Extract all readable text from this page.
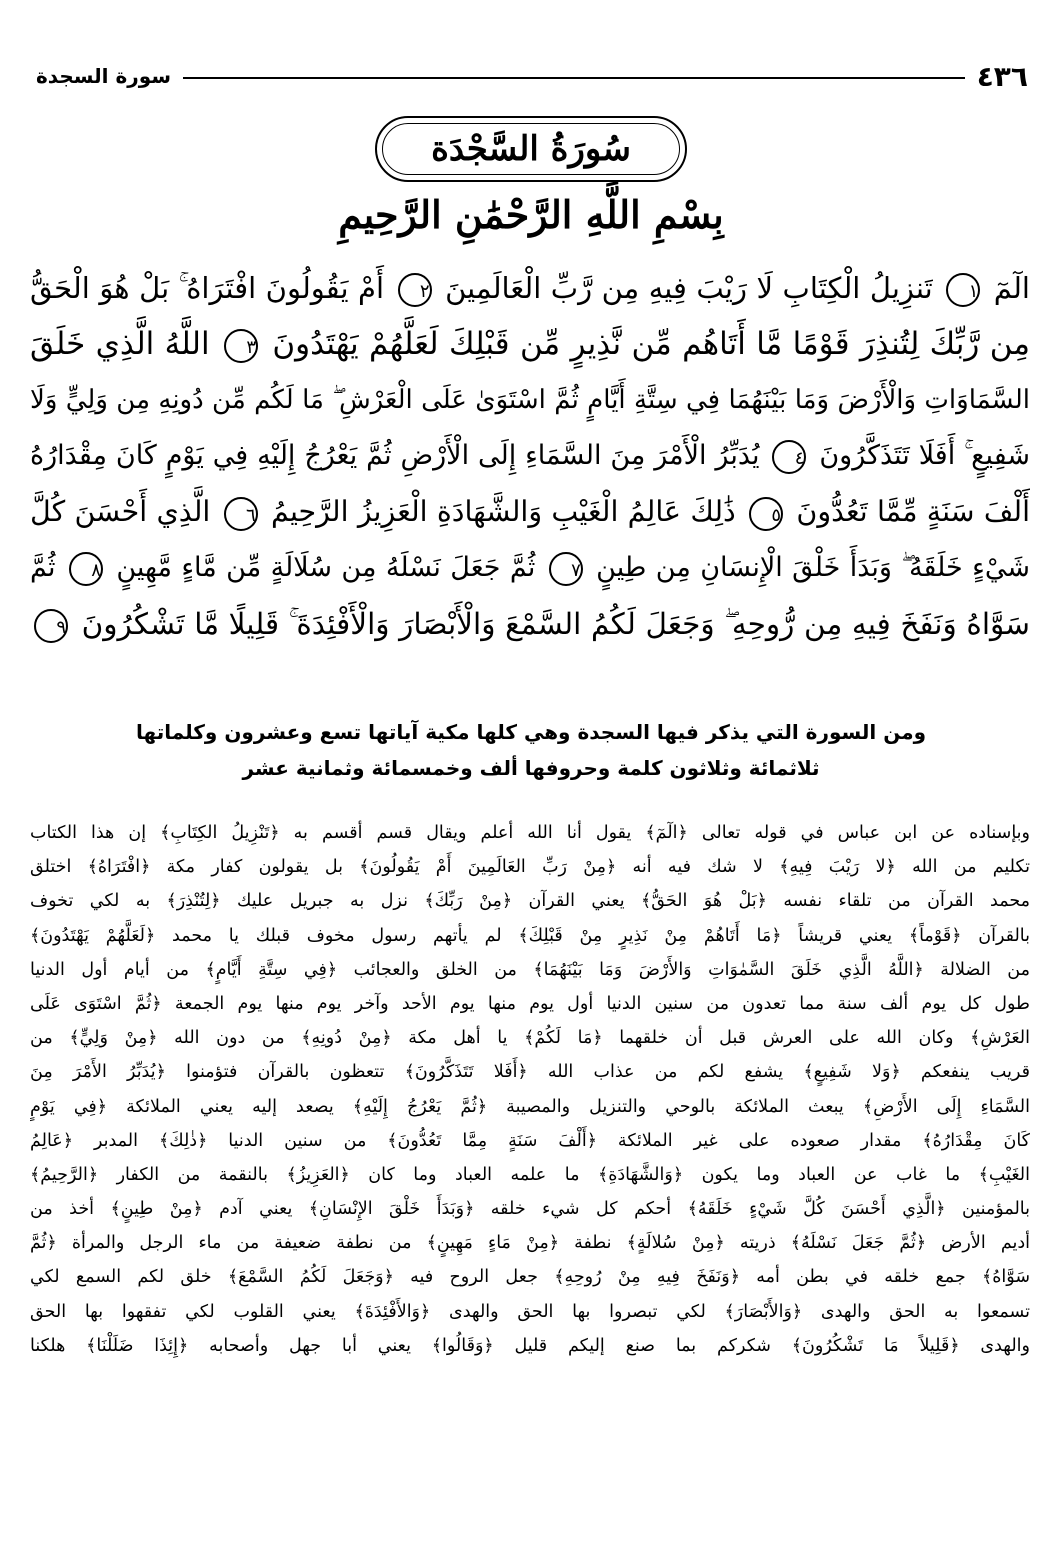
سورة السجدة	٤٣٦
سُورَةُ السَّجْدَة
بِسْمِ اللَّهِ الرَّحْمَٰنِ الرَّحِيمِ
الٓمٓ ١ تَنزِيلُ الْكِتَابِ لَا رَيْبَ فِيهِ مِن رَّبِّ الْعَالَمِينَ ٢ أَمْ يَقُولُونَ افْتَرَاهُ ۚ بَلْ هُوَ الْحَقُّ
مِن رَّبِّكَ لِتُنذِرَ قَوْمًا مَّا أَتَاهُم مِّن نَّذِيرٍ مِّن قَبْلِكَ لَعَلَّهُمْ يَهْتَدُونَ ٣ اللَّهُ الَّذِي خَلَقَ
السَّمَاوَاتِ وَالْأَرْضَ وَمَا بَيْنَهُمَا فِي سِتَّةِ أَيَّامٍ ثُمَّ اسْتَوَىٰ عَلَى الْعَرْشِ ۖ مَا لَكُم مِّن دُونِهِ مِن وَلِيٍّ وَلَا
شَفِيعٍ ۚ أَفَلَا تَتَذَكَّرُونَ ٤ يُدَبِّرُ الْأَمْرَ مِنَ السَّمَاءِ إِلَى الْأَرْضِ ثُمَّ يَعْرُجُ إِلَيْهِ فِي يَوْمٍ كَانَ مِقْدَارُهُ
أَلْفَ سَنَةٍ مِّمَّا تَعُدُّونَ ٥ ذَٰلِكَ عَالِمُ الْغَيْبِ وَالشَّهَادَةِ الْعَزِيزُ الرَّحِيمُ ٦ الَّذِي أَحْسَنَ كُلَّ
شَيْءٍ خَلَقَهُ ۖ وَبَدَأَ خَلْقَ الْإِنسَانِ مِن طِينٍ ٧ ثُمَّ جَعَلَ نَسْلَهُ مِن سُلَالَةٍ مِّن مَّاءٍ مَّهِينٍ ٨ ثُمَّ
سَوَّاهُ وَنَفَخَ فِيهِ مِن رُّوحِهِ ۖ وَجَعَلَ لَكُمُ السَّمْعَ وَالْأَبْصَارَ وَالْأَفْئِدَةَ ۚ قَلِيلًا مَّا تَشْكُرُونَ ٩
ومن السورة التي يذكر فيها السجدة وهي كلها مكية آياتها تسع وعشرون وكلماتها
ثلاثمائة وثلاثون كلمة وحروفها ألف وخمسمائة وثمانية عشر
وبإسناده عن ابن عباس في قوله تعالى ﴿الٓمٓ﴾ يقول أنا الله أعلم ويقال قسم أقسم به ﴿تَنْزِيلُ الكِتَابِ﴾ إن هذا الكتاب
تكليم من الله ﴿لا رَيْبَ فِيهِ﴾ لا شك فيه أنه ﴿مِنْ رَبِّ العَالَمِينَ أَمْ يَقُولُونَ﴾ بل يقولون كفار مكة ﴿افْتَرَاهُ﴾ اختلق
محمد القرآن من تلقاء نفسه ﴿بَلْ هُوَ الحَقُّ﴾ يعني القرآن ﴿مِنْ رَبِّكَ﴾ نزل به جبريل عليك ﴿لِتُنْذِرَ﴾ به لكي تخوف
بالقرآن ﴿قَوْماً﴾ يعني قريشاً ﴿مَا أَتَاهُمْ مِنْ نَذِيرٍ مِنْ قَبْلِكَ﴾ لم يأتهم رسول مخوف قبلك يا محمد ﴿لَعَلَّهُمْ يَهْتَدُونَ﴾
من الضلالة ﴿اللَّهُ الَّذِي خَلَقَ السَّمٰوَاتِ وَالأَرْضَ وَمَا بَيْنَهُمَا﴾ من الخلق والعجائب ﴿فِي سِتَّةِ أَيَّامٍ﴾ من أيام أول الدنيا
طول كل يوم ألف سنة مما تعدون من سنين الدنيا أول يوم منها يوم الأحد وآخر يوم منها يوم الجمعة ﴿ثُمَّ اسْتَوَى عَلَى
العَرْشِ﴾ وكان الله على العرش قبل أن خلقهما ﴿مَا لَكُمْ﴾ يا أهل مكة ﴿مِنْ دُونِهِ﴾ من دون الله ﴿مِنْ وَلِيٍّ﴾ من
قريب ينفعكم ﴿وَلا شَفِيعٍ﴾ يشفع لكم من عذاب الله ﴿أَفَلا تَتَذَكَّرُونَ﴾ تتعظون بالقرآن فتؤمنوا ﴿يُدَبِّرُ الأَمْرَ مِنَ
السَّمَاءِ إِلَى الأَرْضِ﴾ يبعث الملائكة بالوحي والتنزيل والمصيبة ﴿ثُمَّ يَعْرُجُ إِلَيْهِ﴾ يصعد إليه يعني الملائكة ﴿فِي يَوْمٍ
كَانَ مِقْدَارُهُ﴾ مقدار صعوده على غير الملائكة ﴿أَلْفَ سَنَةٍ مِمَّا تَعُدُّونَ﴾ من سنين الدنيا ﴿ذٰلِكَ﴾ المدبر ﴿عَالِمُ
الغَيْبِ﴾ ما غاب عن العباد وما يكون ﴿وَالشَّهَادَةِ﴾ ما علمه العباد وما كان ﴿العَزِيزُ﴾ بالنقمة من الكفار ﴿الرَّحِيمُ﴾
بالمؤمنين ﴿الَّذِي أَحْسَنَ كُلَّ شَيْءٍ خَلَقَهُ﴾ أحكم كل شيء خلقه ﴿وَبَدَأَ خَلْقَ الإِنْسَانِ﴾ يعني آدم ﴿مِنْ طِينٍ﴾ أخذ من
أديم الأرض ﴿ثُمَّ جَعَلَ نَسْلَهُ﴾ ذريته ﴿مِنْ سُلالَةٍ﴾ نطفة ﴿مِنْ مَاءٍ مَهِينٍ﴾ من نطفة ضعيفة من ماء الرجل والمرأة ﴿ثُمَّ
سَوَّاهُ﴾ جمع خلقه في بطن أمه ﴿وَنَفَخَ فِيهِ مِنْ رُوحِهِ﴾ جعل الروح فيه ﴿وَجَعَلَ لَكُمُ السَّمْعَ﴾ خلق لكم السمع لكي
تسمعوا به الحق والهدى ﴿وَالأَبْصَارَ﴾ لكي تبصروا بها الحق والهدى ﴿وَالأَفْئِدَةَ﴾ يعني القلوب لكي تفقهوا بها الحق
والهدى ﴿قَلِيلاً مَا تَشْكُرُونَ﴾ شكركم بما صنع إليكم قليل ﴿وَقَالُوا﴾ يعني أبا جهل وأصحابه ﴿إِئِذَا ضَلَلْنَا﴾ هلكنا
